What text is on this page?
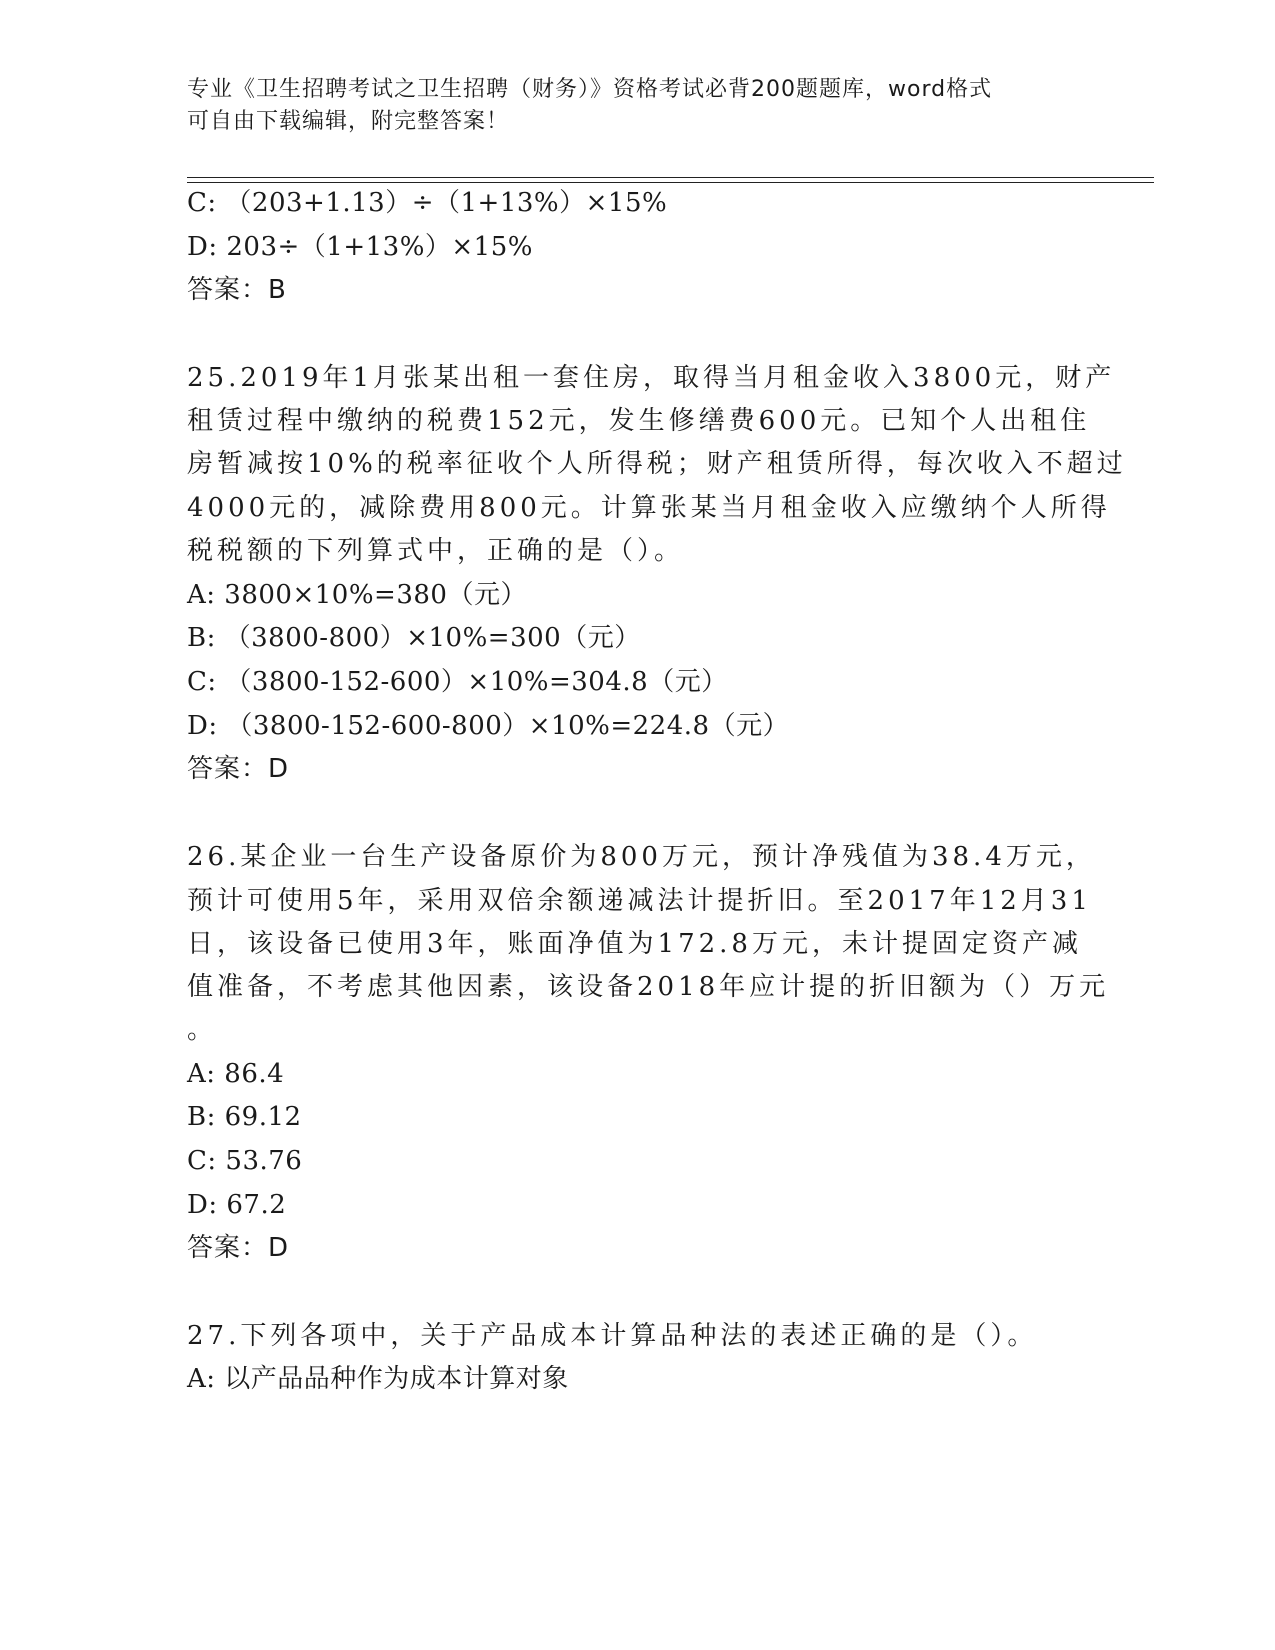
专业《卫生招聘考试之卫生招聘（财务）》资格考试必背200题题库，word格式
可自由下载编辑，附完整答案！
C: （203+1.13）÷（1+13%）×15%
D: 203÷（1+13%）×15%
答案：B
25.2019年1月张某出租一套住房，取得当月租金收入3800元，财产
租赁过程中缴纳的税费152元，发生修缮费600元。已知个人出租住
房暂减按10%的税率征收个人所得税；财产租赁所得，每次收入不超过
4000元的，减除费用800元。计算张某当月租金收入应缴纳个人所得
税税额的下列算式中，正确的是（）。
A: 3800×10%=380（元）
B: （3800-800）×10%=300（元）
C: （3800-152-600）×10%=304.8（元）
D: （3800-152-600-800）×10%=224.8（元）
答案：D
26.某企业一台生产设备原价为800万元，预计净残值为38.4万元，
预计可使用5年，采用双倍余额递减法计提折旧。至2017年12月31
日，该设备已使用3年，账面净值为172.8万元，未计提固定资产减
值准备，不考虑其他因素，该设备2018年应计提的折旧额为（）万元
。
A: 86.4
B: 69.12
C: 53.76
D: 67.2
答案：D
27.下列各项中，关于产品成本计算品种法的表述正确的是（）。
A: 以产品品种作为成本计算对象
